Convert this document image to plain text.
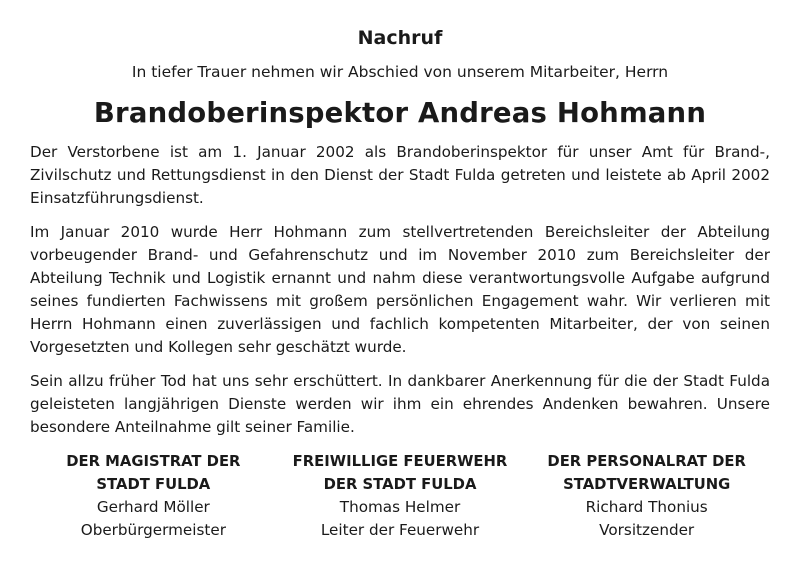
Nachruf
In tiefer Trauer nehmen wir Abschied von unserem Mitarbeiter, Herrn
Brandoberinspektor Andreas Hohmann

Der Verstorbene ist am 1. Januar 2002 als Brandoberinspektor für unser Amt für Brand-, Zivilschutz und Rettungsdienst in den Dienst der Stadt Fulda getreten und leistete ab April 2002 Einsatzführungsdienst.

Im Januar 2010 wurde Herr Hohmann zum stellvertretenden Bereichsleiter der Abteilung vorbeugender Brand- und Gefahrenschutz und im November 2010 zum Bereichsleiter der Abteilung Technik und Logistik ernannt und nahm diese verantwortungsvolle Aufgabe aufgrund seines fundierten Fachwissens mit großem persönlichen Engagement wahr. Wir verlieren mit Herrn Hohmann einen zuverlässigen und fachlich kompetenten Mitarbeiter, der von seinen Vorgesetzten und Kollegen sehr geschätzt wurde.

Sein allzu früher Tod hat uns sehr erschüttert. In dankbarer Anerkennung für die der Stadt Fulda geleisteten langjährigen Dienste werden wir ihm ein ehrendes Andenken bewahren. Unsere besondere Anteilnahme gilt seiner Familie.

DER MAGISTRAT DER
STADT FULDA
Gerhard Möller
Oberbürgermeister
FREIWILLIGE FEUERWEHR
DER STADT FULDA
Thomas Helmer
Leiter der Feuerwehr
DER PERSONALRAT DER
STADTVERWALTUNG
Richard Thonius
Vorsitzender
